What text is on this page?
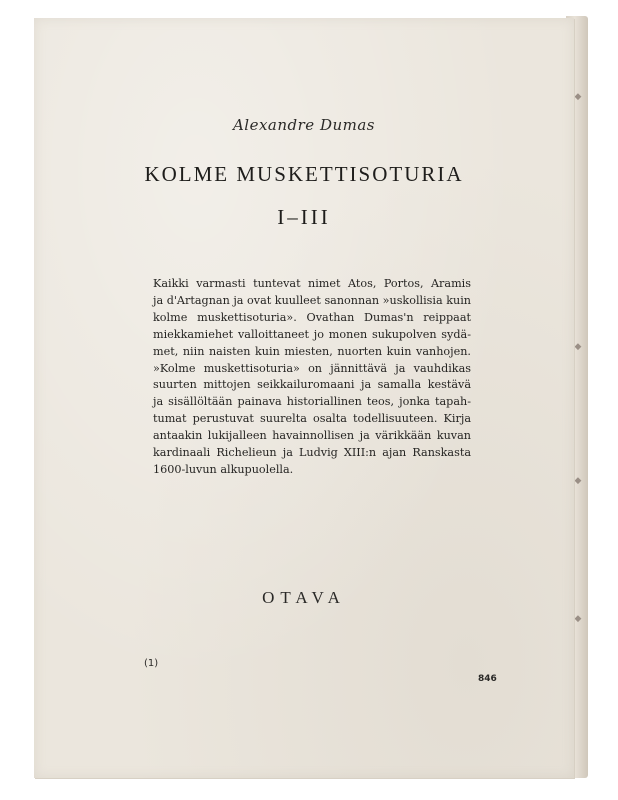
◆
◆
◆
◆
Alexandre Dumas
KOLME MUSKETTISOTURIA
I–III
Kaikki varmasti tuntevat nimet Atos, Portos, Aramis
ja d'Artagnan ja ovat kuulleet sanonnan »uskollisia kuin
kolme muskettisoturia». Ovathan Dumas'n reippaat
miekkamiehet valloittaneet jo monen sukupolven sydä-
met, niin naisten kuin miesten, nuorten kuin vanhojen.
»Kolme muskettisoturia» on jännittävä ja vauhdikas
suurten mittojen seikkailuromaani ja samalla kestävä
ja sisällöltään painava historiallinen teos, jonka tapah-
tumat perustuvat suurelta osalta todellisuuteen. Kirja
antaakin lukijalleen havainnollisen ja värikkään kuvan
kardinaali Richelieun ja Ludvig XIII:n ajan Ranskasta
1600-luvun alkupuolella.
OTAVA
(1)
846
